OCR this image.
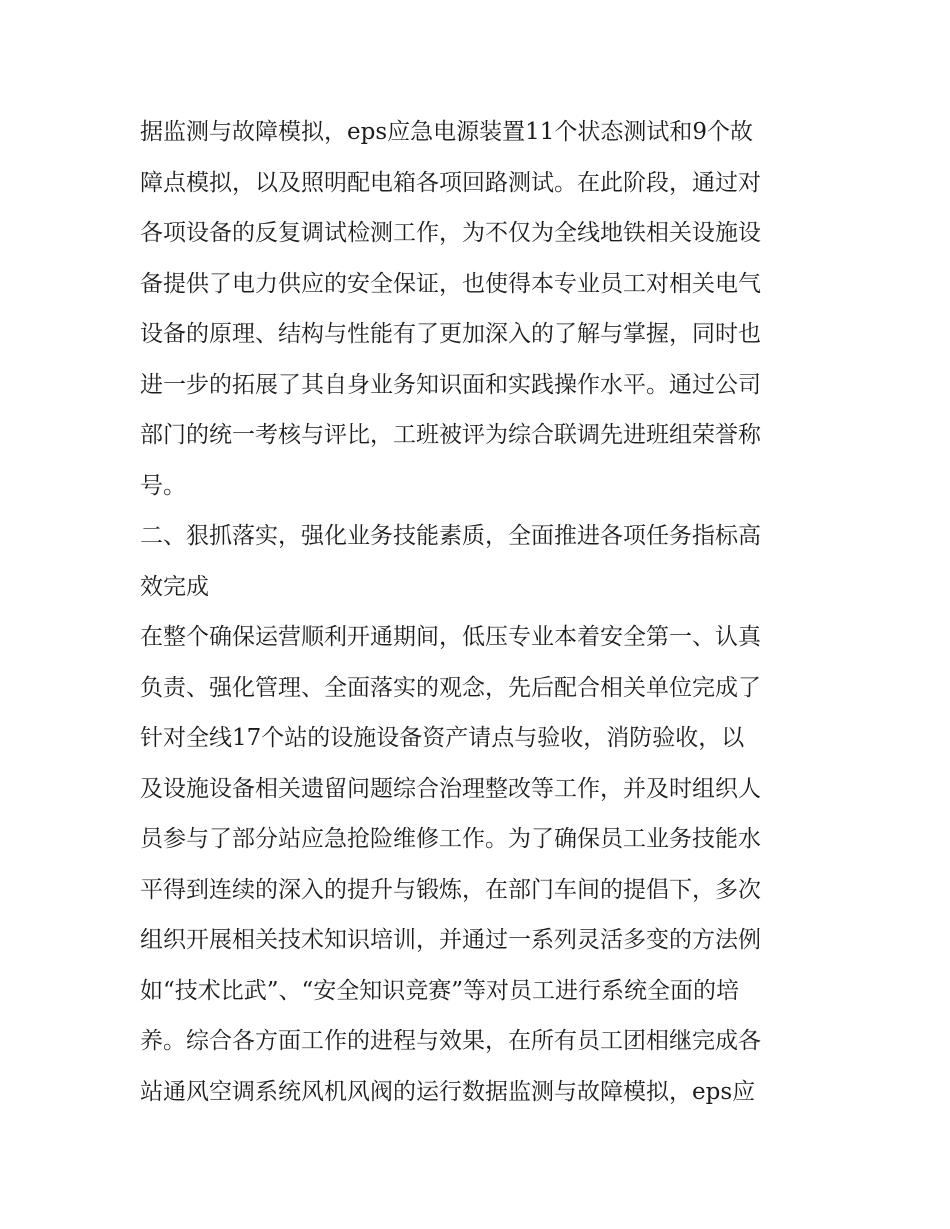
据监测与故障模拟，eps应急电源装置11个状态测试和9个故
障点模拟，以及照明配电箱各项回路测试。在此阶段，通过对
各项设备的反复调试检测工作，为不仅为全线地铁相关设施设
备提供了电力供应的安全保证，也使得本专业员工对相关电气
设备的原理、结构与性能有了更加深入的了解与掌握，同时也
进一步的拓展了其自身业务知识面和实践操作水平。通过公司
部门的统一考核与评比，工班被评为综合联调先进班组荣誉称
号。
二、狠抓落实，强化业务技能素质，全面推进各项任务指标高
效完成
在整个确保运营顺利开通期间，低压专业本着安全第一、认真
负责、强化管理、全面落实的观念，先后配合相关单位完成了
针对全线17个站的设施设备资产请点与验收，消防验收，以
及设施设备相关遗留问题综合治理整改等工作，并及时组织人
员参与了部分站应急抢险维修工作。为了确保员工业务技能水
平得到连续的深入的提升与锻炼，在部门车间的提倡下，多次
组织开展相关技术知识培训，并通过一系列灵活多变的方法例
如“技术比武”、“安全知识竞赛”等对员工进行系统全面的培
养。综合各方面工作的进程与效果，在所有员工团相继完成各
站通风空调系统风机风阀的运行数据监测与故障模拟，eps应
